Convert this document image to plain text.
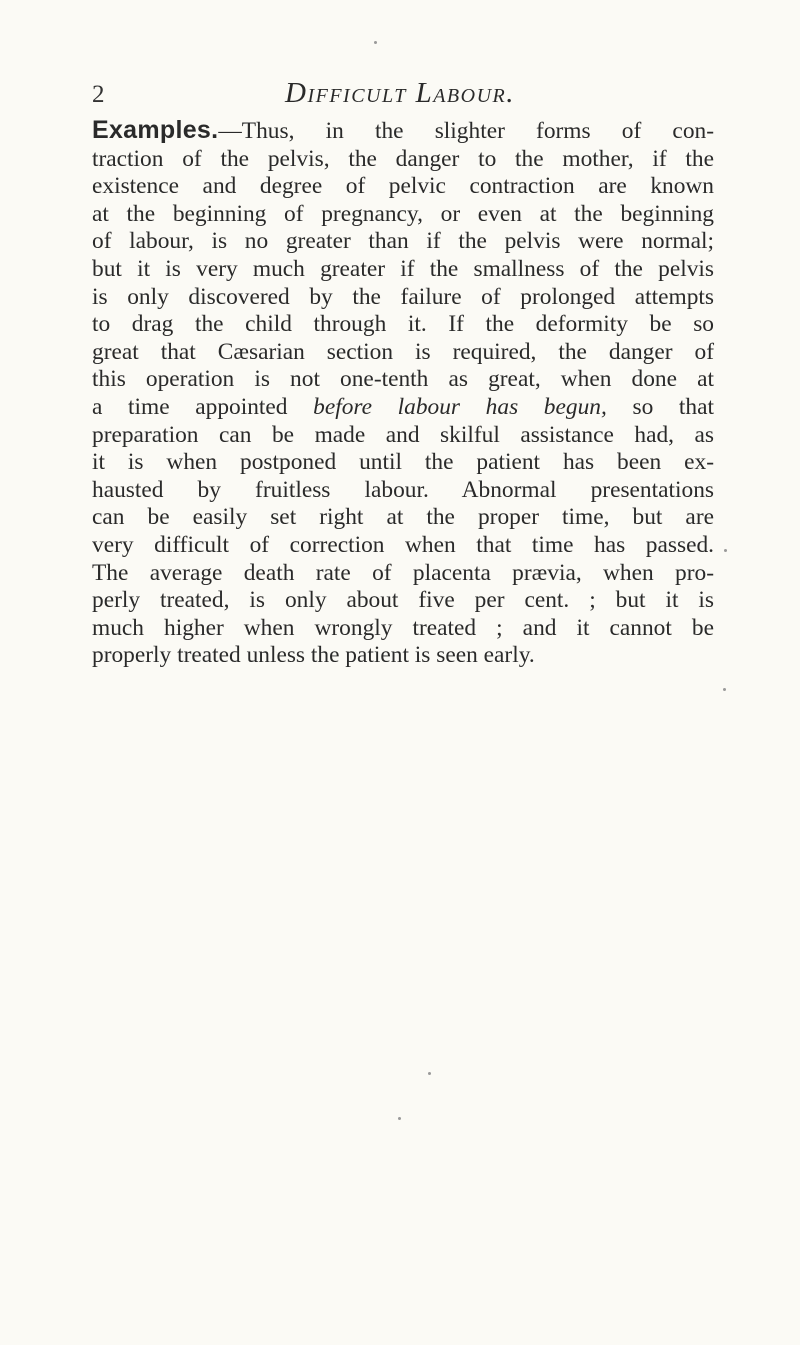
2	Difficult Labour.
Examples.—Thus, in the slighter forms of con-
traction of the pelvis, the danger to the mother, if the
existence and degree of pelvic contraction are known
at the beginning of pregnancy, or even at the beginning
of labour, is no greater than if the pelvis were normal;
but it is very much greater if the smallness of the pelvis
is only discovered by the failure of prolonged attempts
to drag the child through it. If the deformity be so
great that Cæsarian section is required, the danger of
this operation is not one-tenth as great, when done at
a time appointed before labour has begun, so that
preparation can be made and skilful assistance had, as
it is when postponed until the patient has been ex-
hausted by fruitless labour. Abnormal presentations
can be easily set right at the proper time, but are
very difficult of correction when that time has passed.
The average death rate of placenta prævia, when pro-
perly treated, is only about five per cent. ; but it is
much higher when wrongly treated ; and it cannot be
properly treated unless the patient is seen early.
